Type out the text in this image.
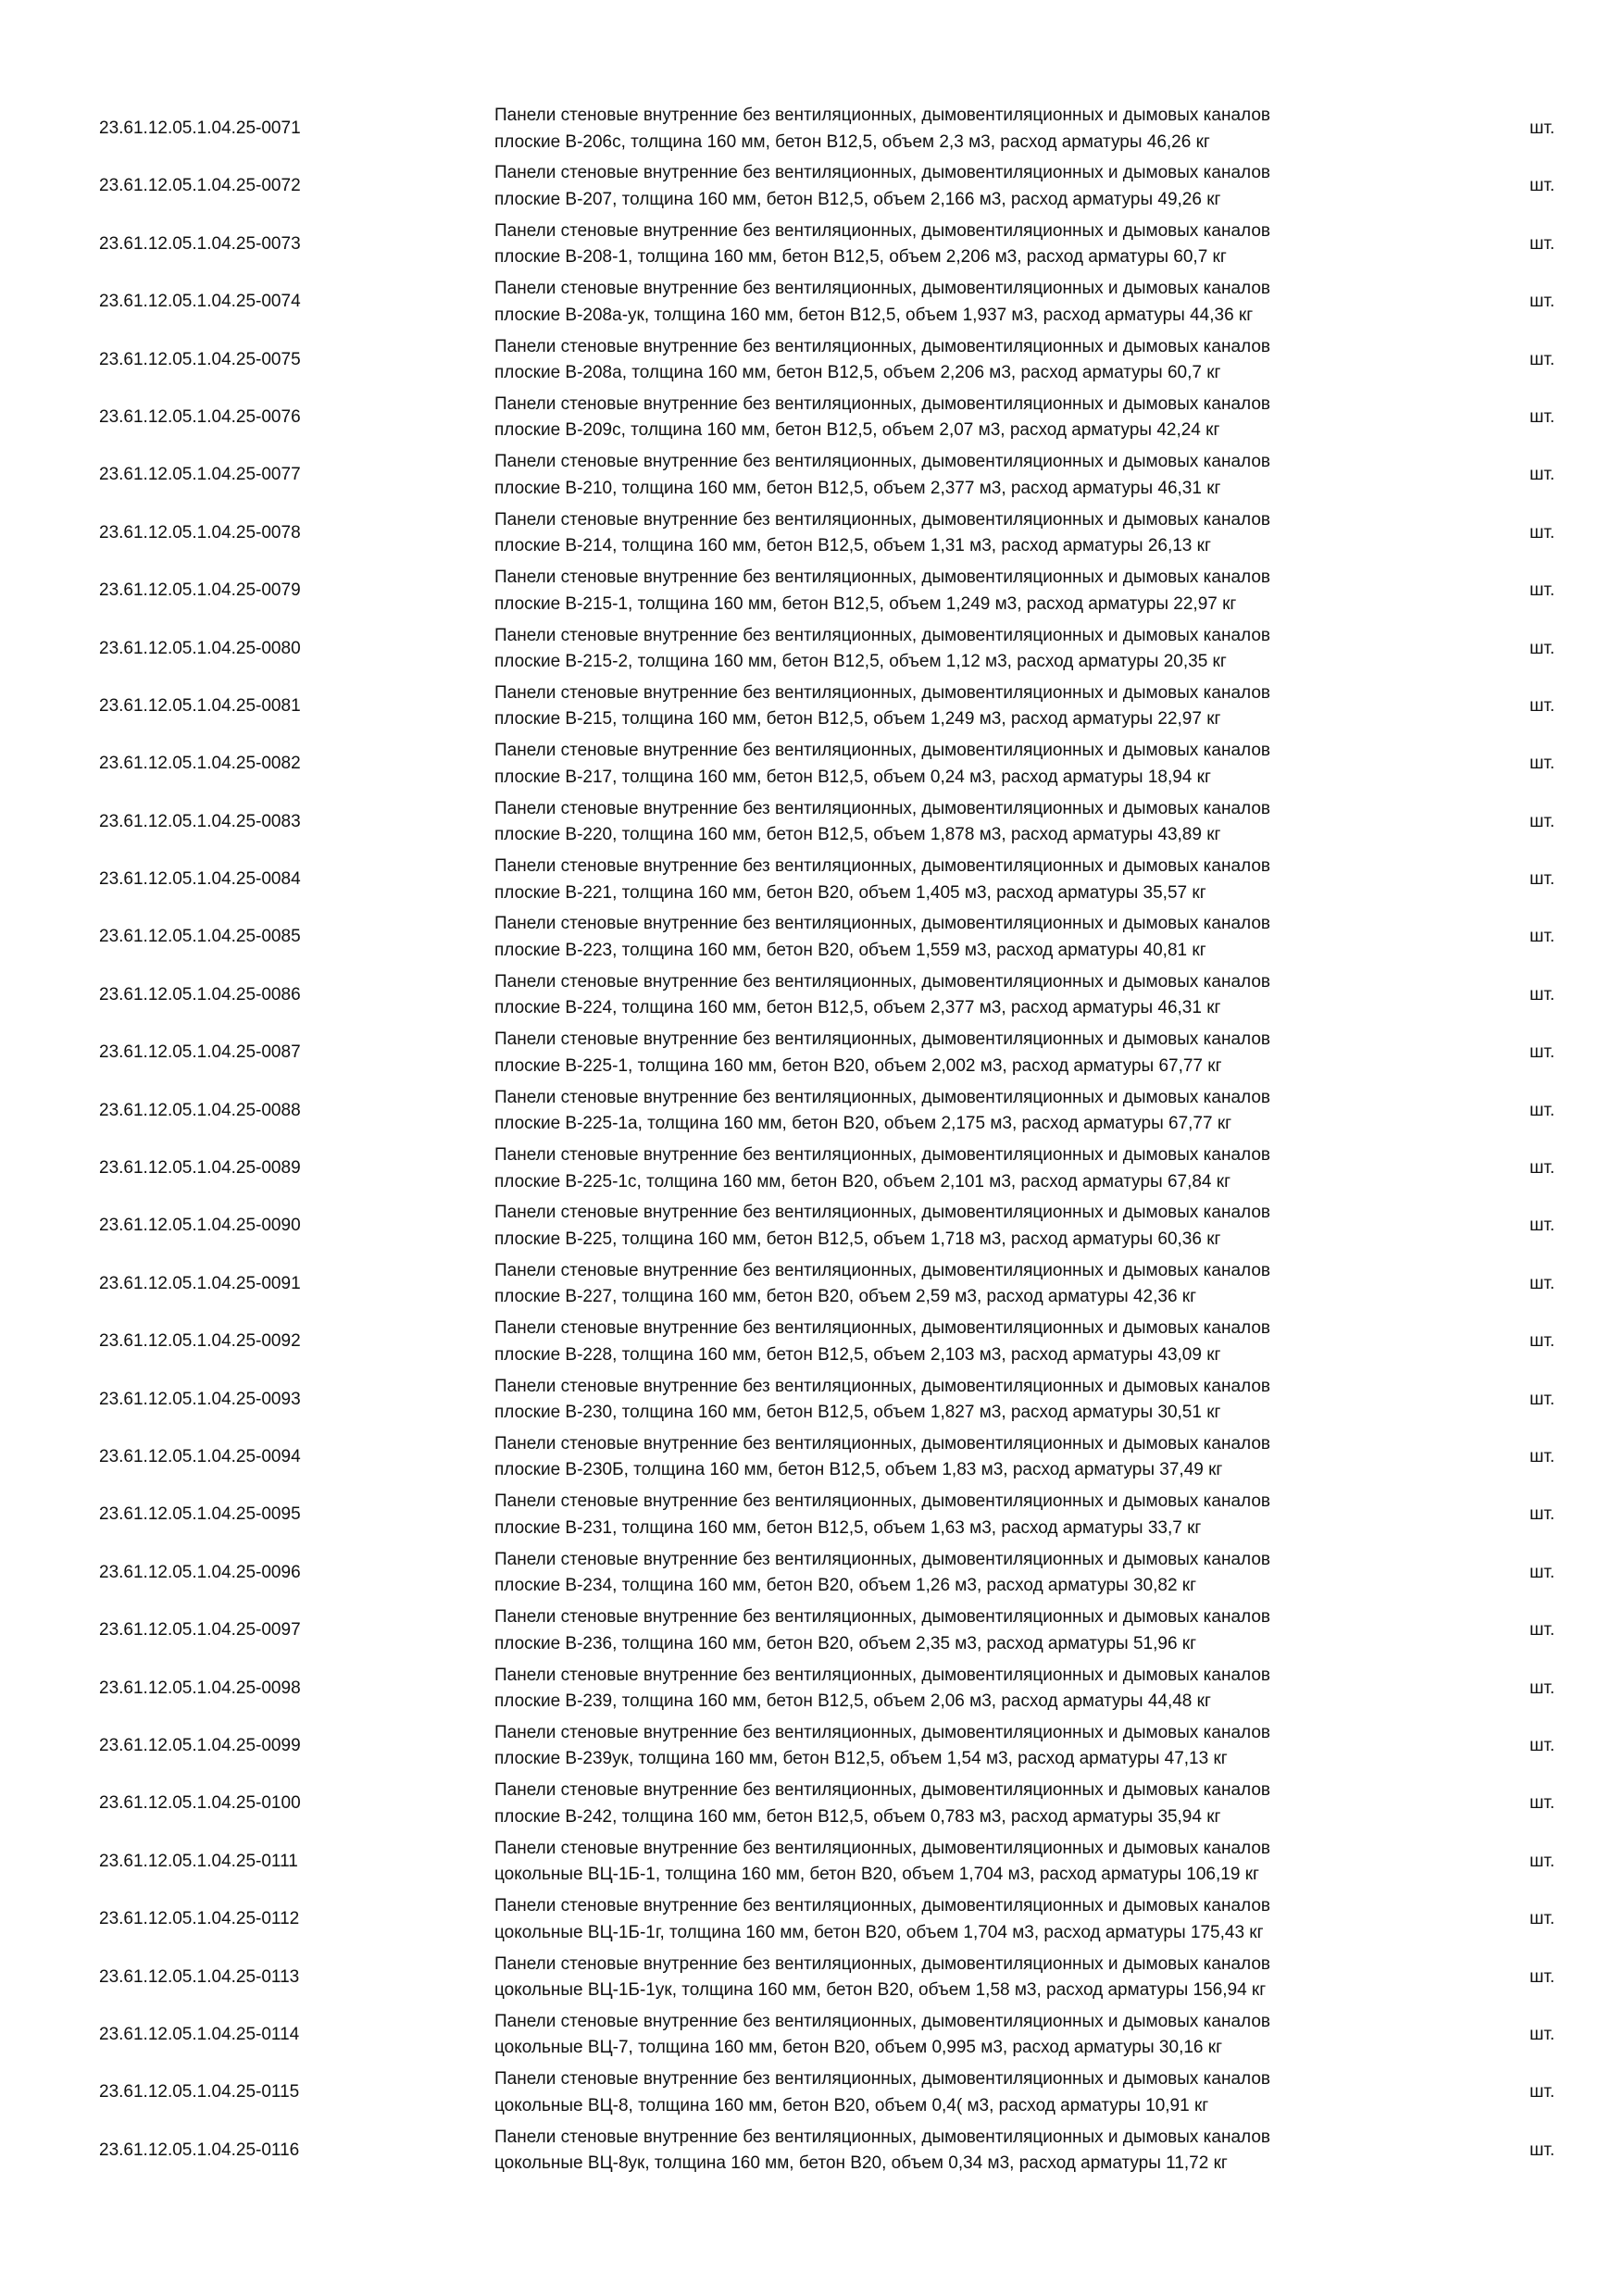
23.61.12.05.1.04.25-0071
Панели стеновые внутренние без вентиляционных, дымовентиляционных и дымовых каналов
плоские В-206с, толщина 160 мм, бетон В12,5, объем 2,3 м3, расход арматуры 46,26 кг
шт.
23.61.12.05.1.04.25-0072
Панели стеновые внутренние без вентиляционных, дымовентиляционных и дымовых каналов
плоские В-207, толщина 160 мм, бетон В12,5, объем 2,166 м3, расход арматуры 49,26 кг
шт.
23.61.12.05.1.04.25-0073
Панели стеновые внутренние без вентиляционных, дымовентиляционных и дымовых каналов
плоские В-208-1, толщина 160 мм, бетон В12,5, объем 2,206 м3, расход арматуры 60,7 кг
шт.
23.61.12.05.1.04.25-0074
Панели стеновые внутренние без вентиляционных, дымовентиляционных и дымовых каналов
плоские В-208а-ук, толщина 160 мм, бетон В12,5, объем 1,937 м3, расход арматуры 44,36 кг
шт.
23.61.12.05.1.04.25-0075
Панели стеновые внутренние без вентиляционных, дымовентиляционных и дымовых каналов
плоские В-208а, толщина 160 мм, бетон В12,5, объем 2,206 м3, расход арматуры 60,7 кг
шт.
23.61.12.05.1.04.25-0076
Панели стеновые внутренние без вентиляционных, дымовентиляционных и дымовых каналов
плоские В-209с, толщина 160 мм, бетон В12,5, объем 2,07 м3, расход арматуры 42,24 кг
шт.
23.61.12.05.1.04.25-0077
Панели стеновые внутренние без вентиляционных, дымовентиляционных и дымовых каналов
плоские В-210, толщина 160 мм, бетон В12,5, объем 2,377 м3, расход арматуры 46,31 кг
шт.
23.61.12.05.1.04.25-0078
Панели стеновые внутренние без вентиляционных, дымовентиляционных и дымовых каналов
плоские В-214, толщина 160 мм, бетон В12,5, объем 1,31 м3, расход арматуры 26,13 кг
шт.
23.61.12.05.1.04.25-0079
Панели стеновые внутренние без вентиляционных, дымовентиляционных и дымовых каналов
плоские В-215-1, толщина 160 мм, бетон В12,5, объем 1,249 м3, расход арматуры 22,97 кг
шт.
23.61.12.05.1.04.25-0080
Панели стеновые внутренние без вентиляционных, дымовентиляционных и дымовых каналов
плоские В-215-2, толщина 160 мм, бетон В12,5, объем 1,12 м3, расход арматуры 20,35 кг
шт.
23.61.12.05.1.04.25-0081
Панели стеновые внутренние без вентиляционных, дымовентиляционных и дымовых каналов
плоские В-215, толщина 160 мм, бетон В12,5, объем 1,249 м3, расход арматуры 22,97 кг
шт.
23.61.12.05.1.04.25-0082
Панели стеновые внутренние без вентиляционных, дымовентиляционных и дымовых каналов
плоские В-217, толщина 160 мм, бетон В12,5, объем 0,24 м3, расход арматуры 18,94 кг
шт.
23.61.12.05.1.04.25-0083
Панели стеновые внутренние без вентиляционных, дымовентиляционных и дымовых каналов
плоские В-220, толщина 160 мм, бетон В12,5, объем 1,878 м3, расход арматуры 43,89 кг
шт.
23.61.12.05.1.04.25-0084
Панели стеновые внутренние без вентиляционных, дымовентиляционных и дымовых каналов
плоские В-221, толщина 160 мм, бетон В20, объем 1,405 м3, расход арматуры 35,57 кг
шт.
23.61.12.05.1.04.25-0085
Панели стеновые внутренние без вентиляционных, дымовентиляционных и дымовых каналов
плоские В-223, толщина 160 мм, бетон В20, объем 1,559 м3, расход арматуры 40,81 кг
шт.
23.61.12.05.1.04.25-0086
Панели стеновые внутренние без вентиляционных, дымовентиляционных и дымовых каналов
плоские В-224, толщина 160 мм, бетон В12,5, объем 2,377 м3, расход арматуры 46,31 кг
шт.
23.61.12.05.1.04.25-0087
Панели стеновые внутренние без вентиляционных, дымовентиляционных и дымовых каналов
плоские В-225-1, толщина 160 мм, бетон В20, объем 2,002 м3, расход арматуры 67,77 кг
шт.
23.61.12.05.1.04.25-0088
Панели стеновые внутренние без вентиляционных, дымовентиляционных и дымовых каналов
плоские В-225-1а, толщина 160 мм, бетон В20, объем 2,175 м3, расход арматуры 67,77 кг
шт.
23.61.12.05.1.04.25-0089
Панели стеновые внутренние без вентиляционных, дымовентиляционных и дымовых каналов
плоские В-225-1с, толщина 160 мм, бетон В20, объем 2,101 м3, расход арматуры 67,84 кг
шт.
23.61.12.05.1.04.25-0090
Панели стеновые внутренние без вентиляционных, дымовентиляционных и дымовых каналов
плоские В-225, толщина 160 мм, бетон В12,5, объем 1,718 м3, расход арматуры 60,36 кг
шт.
23.61.12.05.1.04.25-0091
Панели стеновые внутренние без вентиляционных, дымовентиляционных и дымовых каналов
плоские В-227, толщина 160 мм, бетон В20, объем 2,59 м3, расход арматуры 42,36 кг
шт.
23.61.12.05.1.04.25-0092
Панели стеновые внутренние без вентиляционных, дымовентиляционных и дымовых каналов
плоские В-228, толщина 160 мм, бетон В12,5, объем 2,103 м3, расход арматуры 43,09 кг
шт.
23.61.12.05.1.04.25-0093
Панели стеновые внутренние без вентиляционных, дымовентиляционных и дымовых каналов
плоские В-230, толщина 160 мм, бетон В12,5, объем 1,827 м3, расход арматуры 30,51 кг
шт.
23.61.12.05.1.04.25-0094
Панели стеновые внутренние без вентиляционных, дымовентиляционных и дымовых каналов
плоские В-230Б, толщина 160 мм, бетон В12,5, объем 1,83 м3, расход арматуры 37,49 кг
шт.
23.61.12.05.1.04.25-0095
Панели стеновые внутренние без вентиляционных, дымовентиляционных и дымовых каналов
плоские В-231, толщина 160 мм, бетон В12,5, объем 1,63 м3, расход арматуры 33,7 кг
шт.
23.61.12.05.1.04.25-0096
Панели стеновые внутренние без вентиляционных, дымовентиляционных и дымовых каналов
плоские В-234, толщина 160 мм, бетон В20, объем 1,26 м3, расход арматуры 30,82 кг
шт.
23.61.12.05.1.04.25-0097
Панели стеновые внутренние без вентиляционных, дымовентиляционных и дымовых каналов
плоские В-236, толщина 160 мм, бетон В20, объем 2,35 м3, расход арматуры 51,96 кг
шт.
23.61.12.05.1.04.25-0098
Панели стеновые внутренние без вентиляционных, дымовентиляционных и дымовых каналов
плоские В-239, толщина 160 мм, бетон В12,5, объем 2,06 м3, расход арматуры 44,48 кг
шт.
23.61.12.05.1.04.25-0099
Панели стеновые внутренние без вентиляционных, дымовентиляционных и дымовых каналов
плоские В-239ук, толщина 160 мм, бетон В12,5, объем 1,54 м3, расход арматуры 47,13 кг
шт.
23.61.12.05.1.04.25-0100
Панели стеновые внутренние без вентиляционных, дымовентиляционных и дымовых каналов
плоские В-242, толщина 160 мм, бетон В12,5, объем 0,783 м3, расход арматуры 35,94 кг
шт.
23.61.12.05.1.04.25-0111
Панели стеновые внутренние без вентиляционных, дымовентиляционных и дымовых каналов
цокольные ВЦ-1Б-1, толщина 160 мм, бетон В20, объем 1,704 м3, расход арматуры 106,19 кг
шт.
23.61.12.05.1.04.25-0112
Панели стеновые внутренние без вентиляционных, дымовентиляционных и дымовых каналов
цокольные ВЦ-1Б-1г, толщина 160 мм, бетон В20, объем 1,704 м3, расход арматуры 175,43 кг
шт.
23.61.12.05.1.04.25-0113
Панели стеновые внутренние без вентиляционных, дымовентиляционных и дымовых каналов
цокольные ВЦ-1Б-1ук, толщина 160 мм, бетон В20, объем 1,58 м3, расход арматуры 156,94 кг
шт.
23.61.12.05.1.04.25-0114
Панели стеновые внутренние без вентиляционных, дымовентиляционных и дымовых каналов
цокольные ВЦ-7, толщина 160 мм, бетон В20, объем 0,995 м3, расход арматуры 30,16 кг
шт.
23.61.12.05.1.04.25-0115
Панели стеновые внутренние без вентиляционных, дымовентиляционных и дымовых каналов
цокольные ВЦ-8, толщина 160 мм, бетон В20, объем 0,4( м3, расход арматуры 10,91 кг
шт.
23.61.12.05.1.04.25-0116
Панели стеновые внутренние без вентиляционных, дымовентиляционных и дымовых каналов
цокольные ВЦ-8ук, толщина 160 мм, бетон В20, объем 0,34 м3, расход арматуры 11,72 кг
шт.
